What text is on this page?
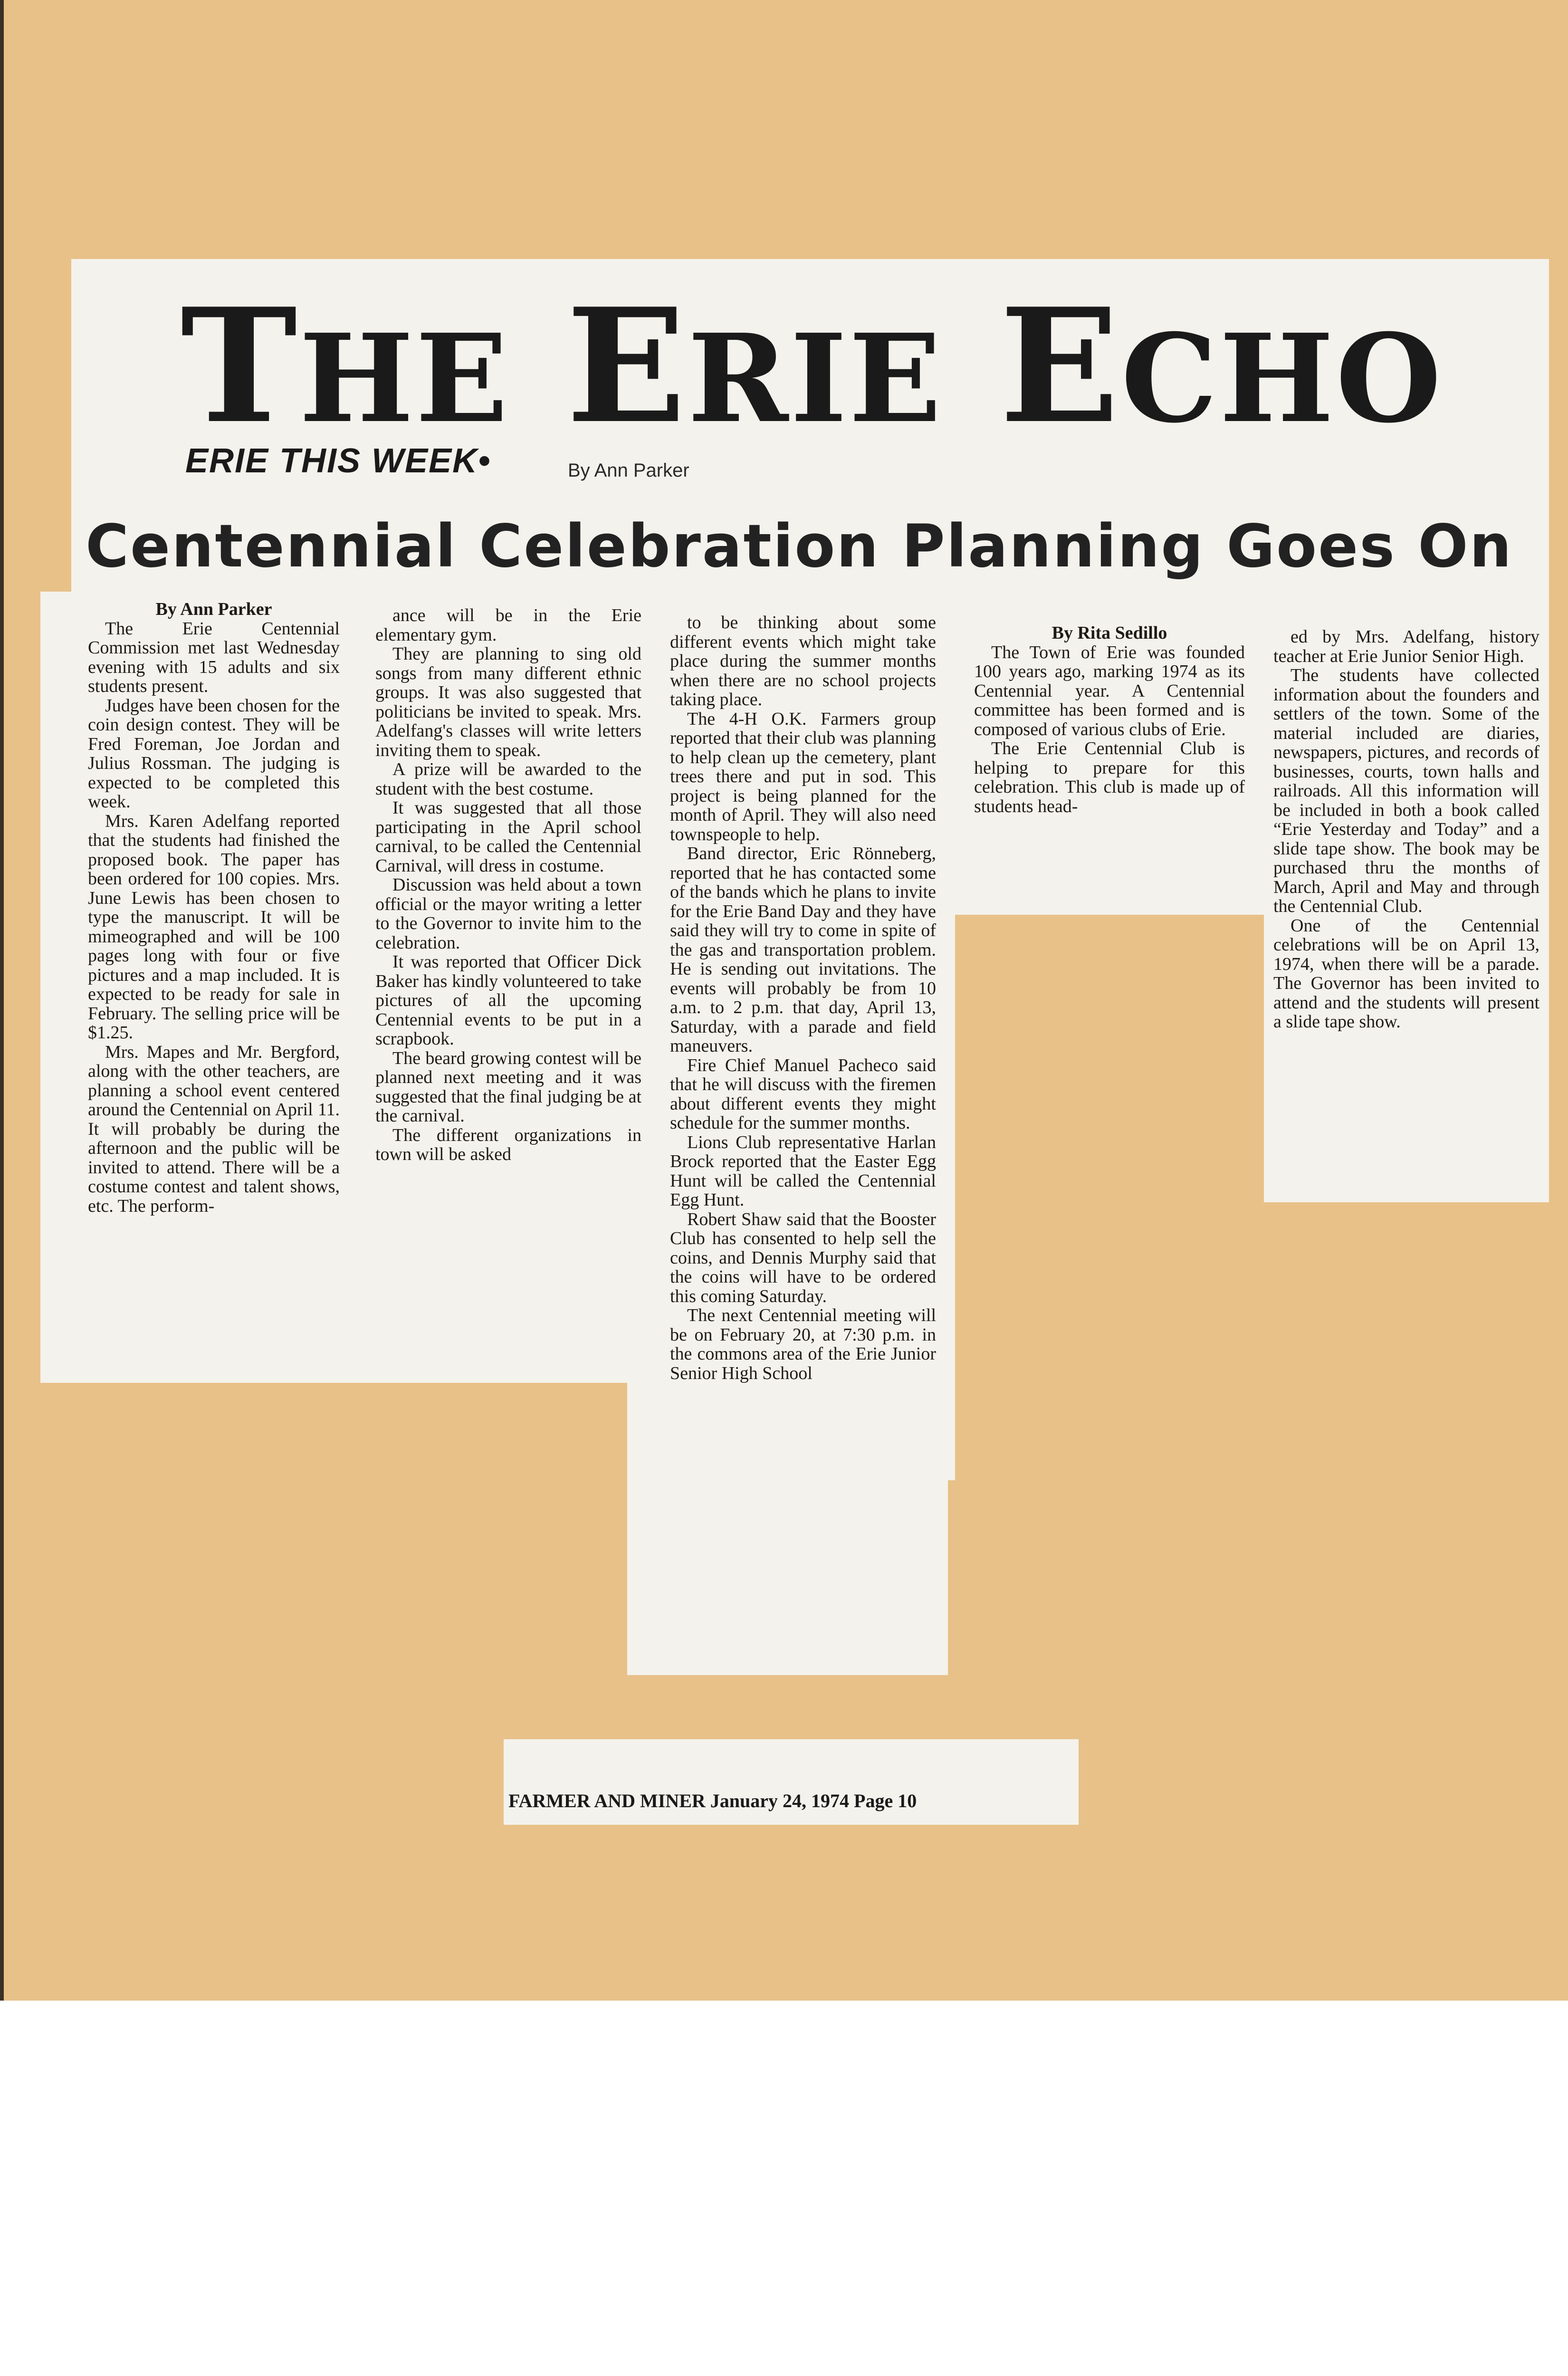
THE ERIE ECHO
ERIE THIS WEEK•	By Ann Parker
Centennial Celebration Planning Goes On

By Ann Parker

The Erie Centennial Commission met last Wednesday evening with 15 adults and six students present.

Judges have been chosen for the coin design contest. They will be Fred Foreman, Joe Jordan and Julius Rossman. The judging is expected to be completed this week.

Mrs. Karen Adelfang reported that the students had finished the proposed book. The paper has been ordered for 100 copies. Mrs. June Lewis has been chosen to type the manuscript. It will be mimeographed and will be 100 pages long with four or five pictures and a map included. It is expected to be ready for sale in February. The selling price will be $1.25.

Mrs. Mapes and Mr. Bergford, along with the other teachers, are planning a school event centered around the Centennial on April 11. It will probably be during the afternoon and the public will be invited to attend. There will be a costume contest and talent shows, etc. The perform-

ance will be in the Erie elementary gym.

They are planning to sing old songs from many different ethnic groups. It was also suggested that politicians be invited to speak. Mrs. Adelfang's classes will write letters inviting them to speak.

A prize will be awarded to the student with the best costume.

It was suggested that all those participating in the April school carnival, to be called the Centennial Carnival, will dress in costume.

Discussion was held about a town official or the mayor writing a letter to the Governor to invite him to the celebration.

It was reported that Officer Dick Baker has kindly volunteered to take pictures of all the upcoming Centennial events to be put in a scrapbook.

The beard growing contest will be planned next meeting and it was suggested that the final judging be at the carnival.

The different organizations in town will be asked

to be thinking about some different events which might take place during the summer months when there are no school projects taking place.

The 4-H O.K. Farmers group reported that their club was planning to help clean up the cemetery, plant trees there and put in sod. This project is being planned for the month of April. They will also need townspeople to help.

Band director, Eric Rönneberg, reported that he has contacted some of the bands which he plans to invite for the Erie Band Day and they have said they will try to come in spite of the gas and transportation problem. He is sending out invitations. The events will probably be from 10 a.m. to 2 p.m. that day, April 13, Saturday, with a parade and field maneuvers.

Fire Chief Manuel Pacheco said that he will discuss with the firemen about different events they might schedule for the summer months.

Lions Club representative Harlan Brock reported that the Easter Egg Hunt will be called the Centennial Egg Hunt.

Robert Shaw said that the Booster Club has consented to help sell the coins, and Dennis Murphy said that the coins will have to be ordered this coming Saturday.

The next Centennial meeting will be on February 20, at 7:30 p.m. in the commons area of the Erie Junior Senior High School

By Rita Sedillo

The Town of Erie was founded 100 years ago, marking 1974 as its Centennial year. A Centennial committee has been formed and is composed of various clubs of Erie.

The Erie Centennial Club is helping to prepare for this celebration. This club is made up of students head-

ed by Mrs. Adelfang, history teacher at Erie Junior Senior High.

The students have collected information about the founders and settlers of the town. Some of the material included are diaries, newspapers, pictures, and records of businesses, courts, town halls and railroads. All this information will be included in both a book called “Erie Yesterday and Today” and a slide tape show. The book may be purchased thru the months of March, April and May and through the Centennial Club.

One of the Centennial celebrations will be on April 13, 1974, when there will be a parade. The Governor has been invited to attend and the students will present a slide tape show.

FARMER AND MINER January 24, 1974 Page 10
